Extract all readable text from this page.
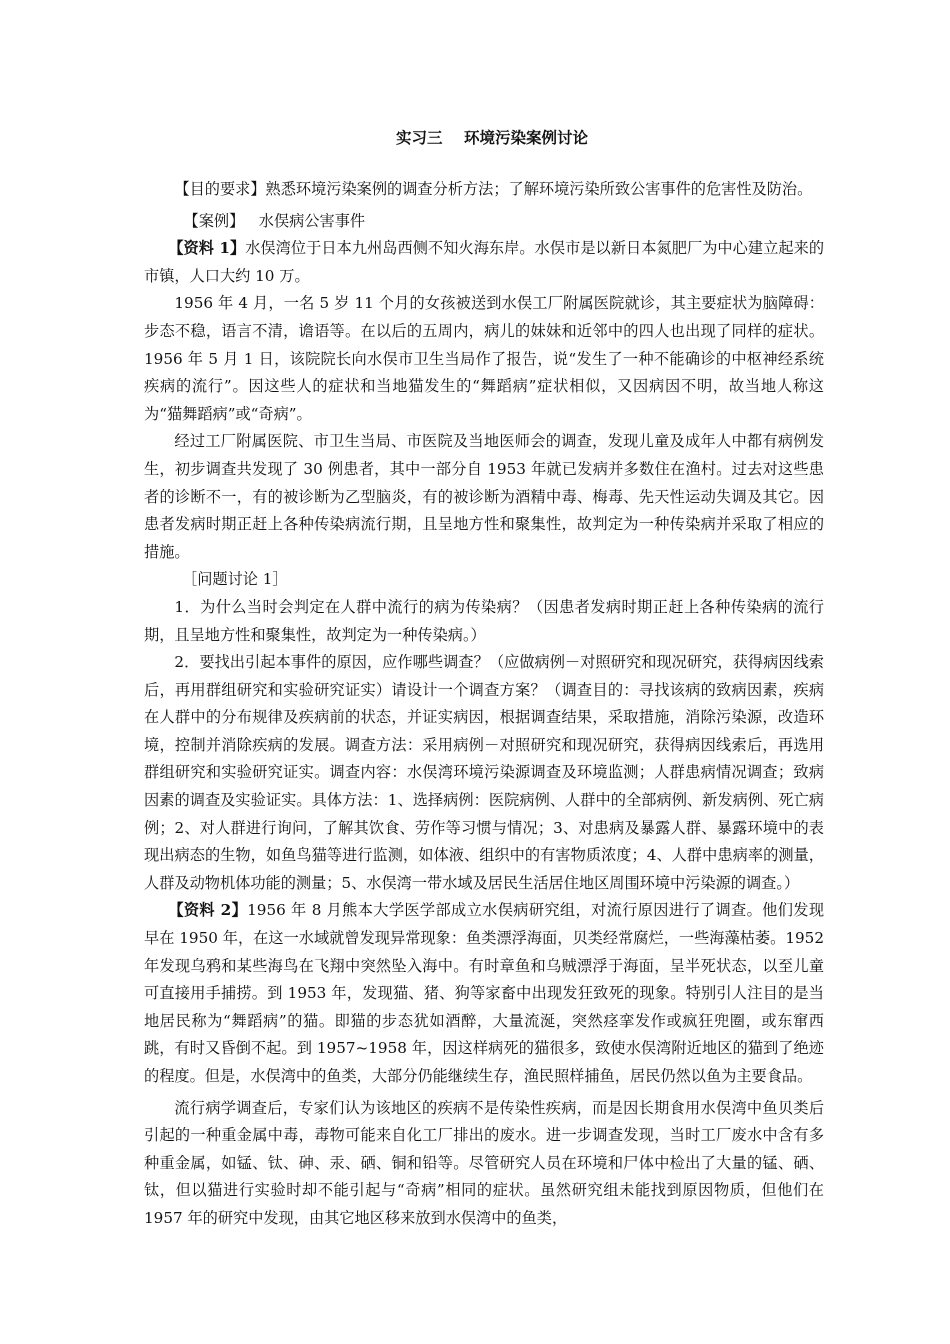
实习三    环境污染案例讨论

【目的要求】熟悉环境污染案例的调查分析方法；了解环境污染所致公害事件的危害性及防治。

【案例】 水俣病公害事件

【资料 1】水俣湾位于日本九州岛西侧不知火海东岸。水俣市是以新日本氮肥厂为中心建立起来的市镇，人口大约 10 万。

1956 年 4 月，一名 5 岁 11 个月的女孩被送到水俣工厂附属医院就诊，其主要症状为脑障碍：步态不稳，语言不清，谵语等。在以后的五周内，病儿的妹妹和近邻中的四人也出现了同样的症状。1956 年 5 月 1 日，该院院长向水俣市卫生当局作了报告，说“发生了一种不能确诊的中枢神经系统疾病的流行”。因这些人的症状和当地猫发生的“舞蹈病”症状相似，又因病因不明，故当地人称这为“猫舞蹈病”或“奇病”。

经过工厂附属医院、市卫生当局、市医院及当地医师会的调查，发现儿童及成年人中都有病例发生，初步调查共发现了 30 例患者，其中一部分自 1953 年就已发病并多数住在渔村。过去对这些患者的诊断不一，有的被诊断为乙型脑炎，有的被诊断为酒精中毒、梅毒、先天性运动失调及其它。因患者发病时期正赶上各种传染病流行期，且呈地方性和聚集性，故判定为一种传染病并采取了相应的措施。

［问题讨论 1］

1．为什么当时会判定在人群中流行的病为传染病？（因患者发病时期正赶上各种传染病的流行期，且呈地方性和聚集性，故判定为一种传染病。）

2．要找出引起本事件的原因，应作哪些调查？（应做病例－对照研究和现况研究，获得病因线索后，再用群组研究和实验研究证实）请设计一个调查方案？（调查目的：寻找该病的致病因素，疾病在人群中的分布规律及疾病前的状态，并证实病因，根据调查结果，采取措施，消除污染源，改造环境，控制并消除疾病的发展。调查方法：采用病例－对照研究和现况研究，获得病因线索后，再选用群组研究和实验研究证实。调查内容：水俣湾环境污染源调查及环境监测；人群患病情况调查；致病因素的调查及实验证实。具体方法：1、选择病例：医院病例、人群中的全部病例、新发病例、死亡病例；2、对人群进行询问，了解其饮食、劳作等习惯与情况；3、对患病及暴露人群、暴露环境中的表现出病态的生物，如鱼鸟猫等进行监测，如体液、组织中的有害物质浓度；4、人群中患病率的测量，人群及动物机体功能的测量；5、水俣湾一带水域及居民生活居住地区周围环境中污染源的调查。）

【资料 2】1956 年 8 月熊本大学医学部成立水俣病研究组，对流行原因进行了调查。他们发现早在 1950 年，在这一水域就曾发现异常现象：鱼类漂浮海面，贝类经常腐烂，一些海藻枯萎。1952 年发现乌鸦和某些海鸟在飞翔中突然坠入海中。有时章鱼和乌贼漂浮于海面，呈半死状态，以至儿童可直接用手捕捞。到 1953 年，发现猫、猪、狗等家畜中出现发狂致死的现象。特别引人注目的是当地居民称为“舞蹈病”的猫。即猫的步态犹如酒醉，大量流涎，突然痉挛发作或疯狂兜圈，或东窜西跳，有时又昏倒不起。到 1957~1958 年，因这样病死的猫很多，致使水俣湾附近地区的猫到了绝迹的程度。但是，水俣湾中的鱼类，大部分仍能继续生存，渔民照样捕鱼，居民仍然以鱼为主要食品。

流行病学调查后，专家们认为该地区的疾病不是传染性疾病，而是因长期食用水俣湾中鱼贝类后引起的一种重金属中毒，毒物可能来自化工厂排出的废水。进一步调查发现，当时工厂废水中含有多种重金属，如锰、钛、砷、汞、硒、铜和铅等。尽管研究人员在环境和尸体中检出了大量的锰、硒、钛，但以猫进行实验时却不能引起与“奇病”相同的症状。虽然研究组未能找到原因物质，但他们在 1957 年的研究中发现，由其它地区移来放到水俣湾中的鱼类，
